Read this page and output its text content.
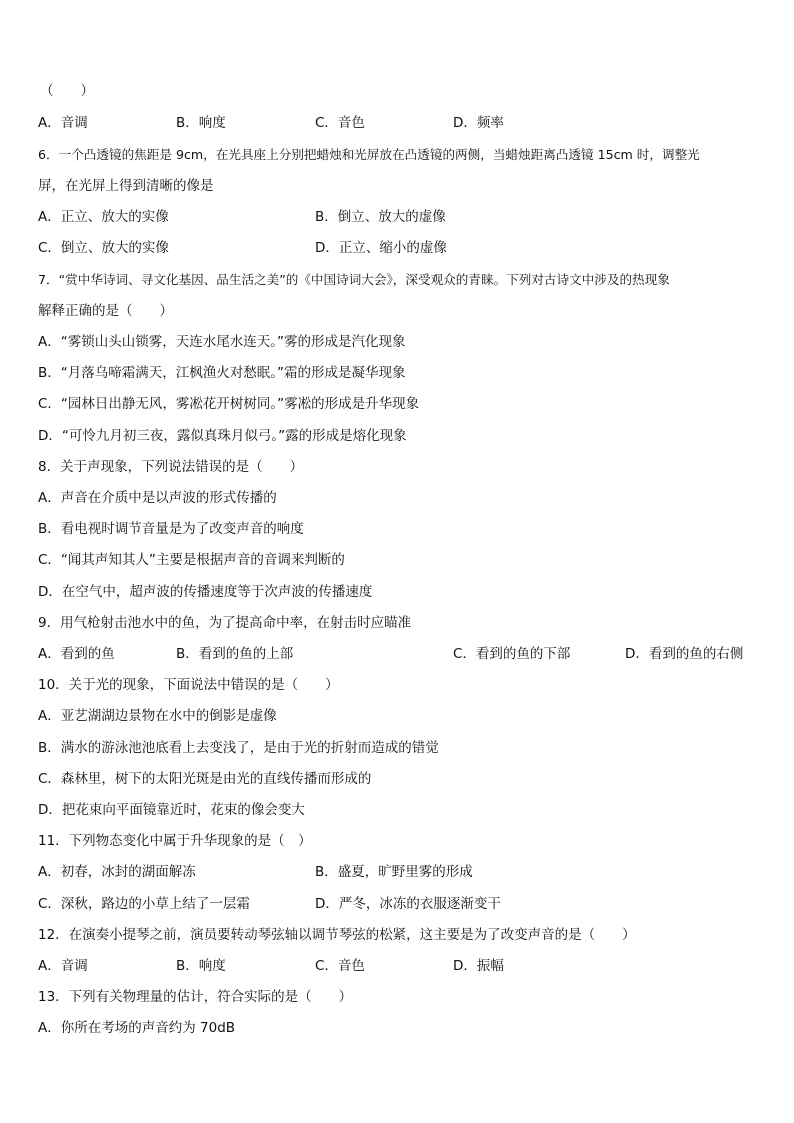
（　　）
A．音调	B．响度	C．音色	D．频率
6．一个凸透镜的焦距是 9cm，在光具座上分别把蜡烛和光屏放在凸透镜的两侧，当蜡烛距离凸透镜 15cm 时，调整光
屏，在光屏上得到清晰的像是
A．正立、放大的实像	B．倒立、放大的虚像
C．倒立、放大的实像	D．正立、缩小的虚像
7．“赏中华诗词、寻文化基因、品生活之美”的《中国诗词大会》，深受观众的青睐。下列对古诗文中涉及的热现象
解释正确的是（　　）
A．“雾锁山头山锁雾，天连水尾水连天。”雾的形成是汽化现象
B．“月落乌啼霜满天，江枫渔火对愁眠。”霜的形成是凝华现象
C．“园林日出静无风，雾凇花开树树同。”雾凇的形成是升华现象
D．“可怜九月初三夜，露似真珠月似弓。”露的形成是熔化现象
8．关于声现象，下列说法错误的是（　　）
A．声音在介质中是以声波的形式传播的
B．看电视时调节音量是为了改变声音的响度
C．“闻其声知其人”主要是根据声音的音调来判断的
D．在空气中，超声波的传播速度等于次声波的传播速度
9．用气枪射击池水中的鱼，为了提高命中率，在射击时应瞄准
A．看到的鱼	B．看到的鱼的上部	C．看到的鱼的下部	D．看到的鱼的右侧
10．关于光的现象，下面说法中错误的是（　　）
A．亚艺湖湖边景物在水中的倒影是虚像
B．满水的游泳池池底看上去变浅了，是由于光的折射而造成的错觉
C．森林里，树下的太阳光斑是由光的直线传播而形成的
D．把花束向平面镜靠近时，花束的像会变大
11．下列物态变化中属于升华现象的是（　）
A．初春，冰封的湖面解冻	B．盛夏，旷野里雾的形成
C．深秋，路边的小草上结了一层霜	D．严冬，冰冻的衣服逐渐变干
12．在演奏小提琴之前，演员要转动琴弦轴以调节琴弦的松紧，这主要是为了改变声音的是（　　）
A．音调	B．响度	C．音色	D．振幅
13．下列有关物理量的估计，符合实际的是（　　）
A．你所在考场的声音约为 70dB
